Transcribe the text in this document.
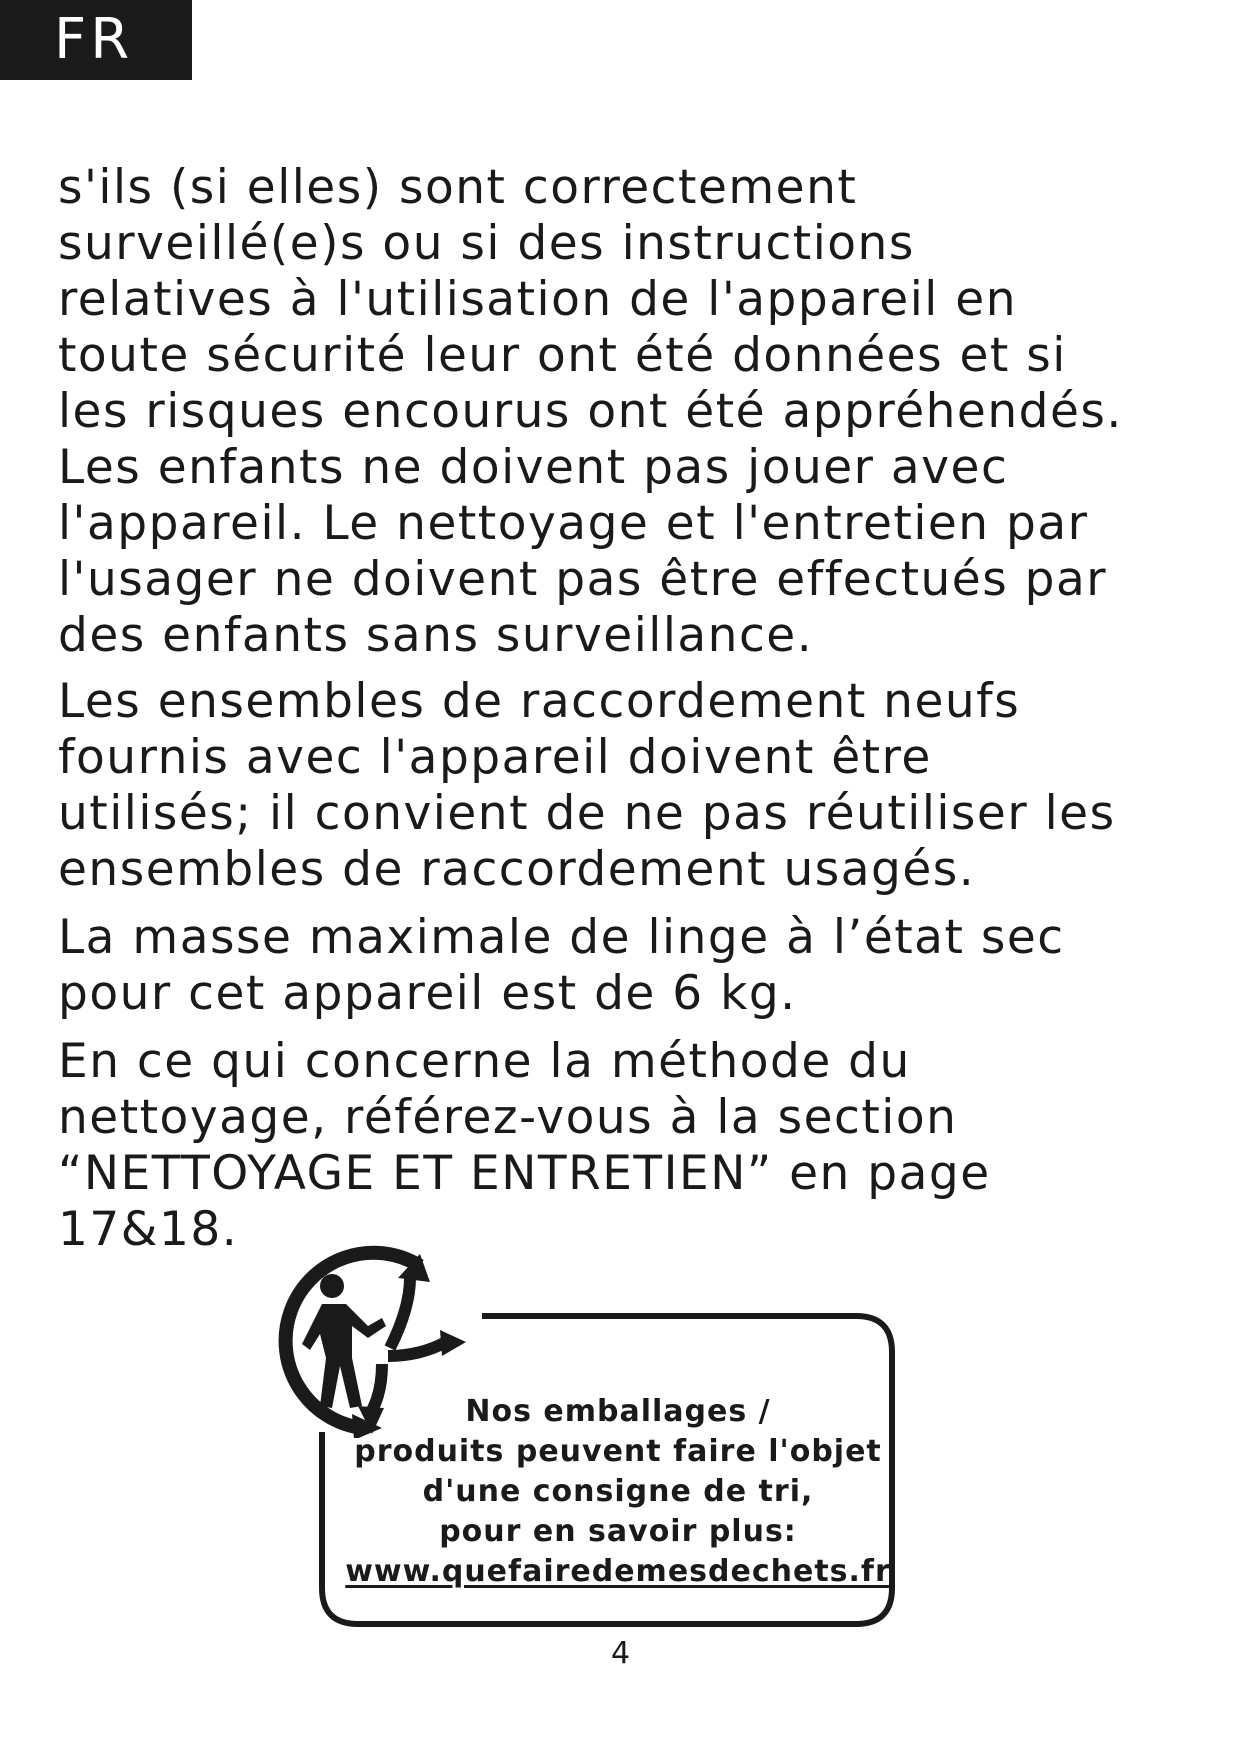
FR

s'ils (si elles) sont correctement
surveillé(e)s ou si des instructions
relatives à l'utilisation de l'appareil en
toute sécurité leur ont été données et si
les risques encourus ont été appréhendés.
Les enfants ne doivent pas jouer avec
l'appareil. Le nettoyage et l'entretien par
l'usager ne doivent pas être effectués par
des enfants sans surveillance.

Les ensembles de raccordement neufs
fournis avec l'appareil doivent être
utilisés; il convient de ne pas réutiliser les
ensembles de raccordement usagés.

La masse maximale de linge à l’état sec
pour cet appareil est de 6 kg.

En ce qui concerne la méthode du
nettoyage, référez-vous à la section
“NETTOYAGE ET ENTRETIEN” en page
17&18.

Nos emballages /
produits peuvent faire l'objet
d'une consigne de tri,
pour en savoir plus:
www.quefairedemesdechets.fr
4
